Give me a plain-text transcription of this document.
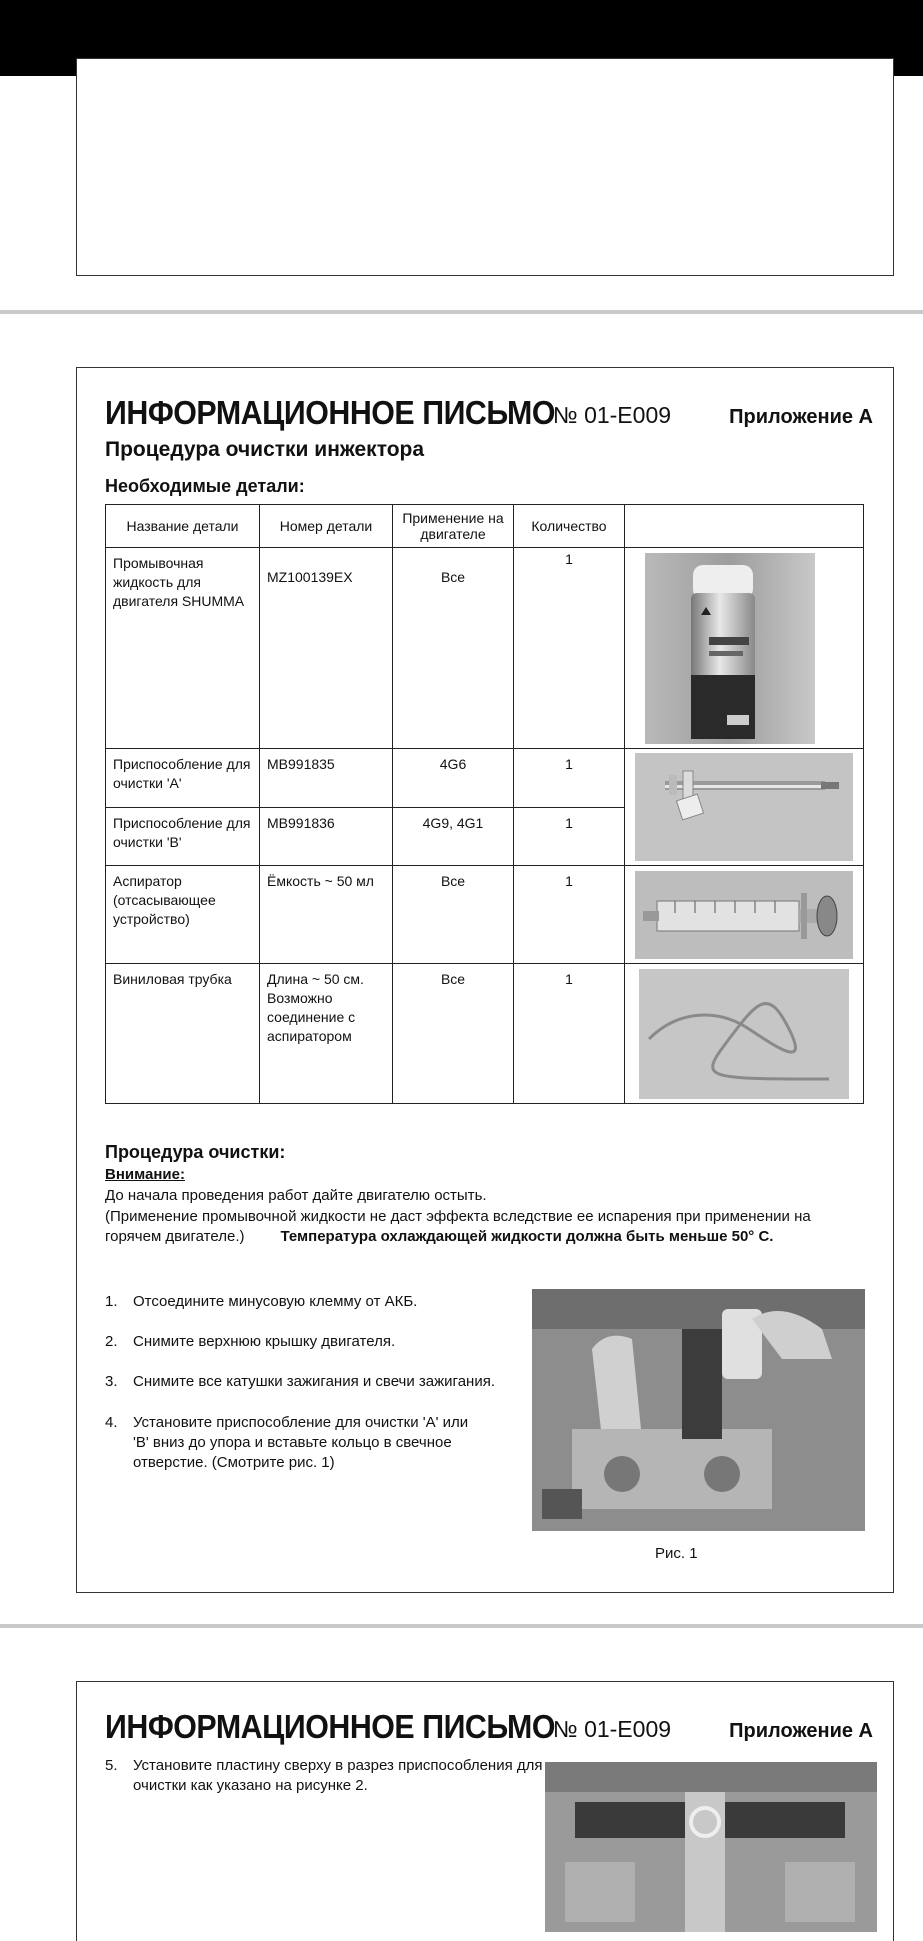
ИНФОРМАЦИОННОЕ ПИСЬМО
№ 01-E009	Приложение А
Процедура очистки инжектора
Необходимые детали:
Название детали	Номер детали	Применение на двигателе	Количество	
Промывочная жидкость для двигателя SHUMMA	MZ100139EX	Все	1	

Приспособление для очистки 'A'	MB991835	4G6	1	

Приспособление для очистки 'B'	MB991836	4G9, 4G1	1	
Аспиратор (отсасывающее устройство)	Ёмкость ~ 50 мл	Все	1	

Виниловая трубка	Длина ~ 50 см. Возможно соединение с аспиратором	Все	1	
Процедура очистки:
Внимание:
До начала проведения работ дайте двигателю остыть.
(Применение промывочной жидкости не даст эффекта вследствие ее испарения при применении на горячем двигателе.) Температура охлаждающей жидкости должна быть меньше 50° C.
1. Отсоедините минусовую клемму от АКБ.
2. Снимите верхнюю крышку двигателя.
3. Снимите все катушки зажигания и свечи зажигания.
4. Установите приспособление для очистки 'A' или 'B' вниз до упора и вставьте кольцо в свечное отверстие. (Смотрите рис. 1)
Рис. 1
ИНФОРМАЦИОННОЕ ПИСЬМО
№ 01-E009	Приложение А
5. Установите пластину сверху в разрез приспособления для очистки как указано на рисунке 2.
